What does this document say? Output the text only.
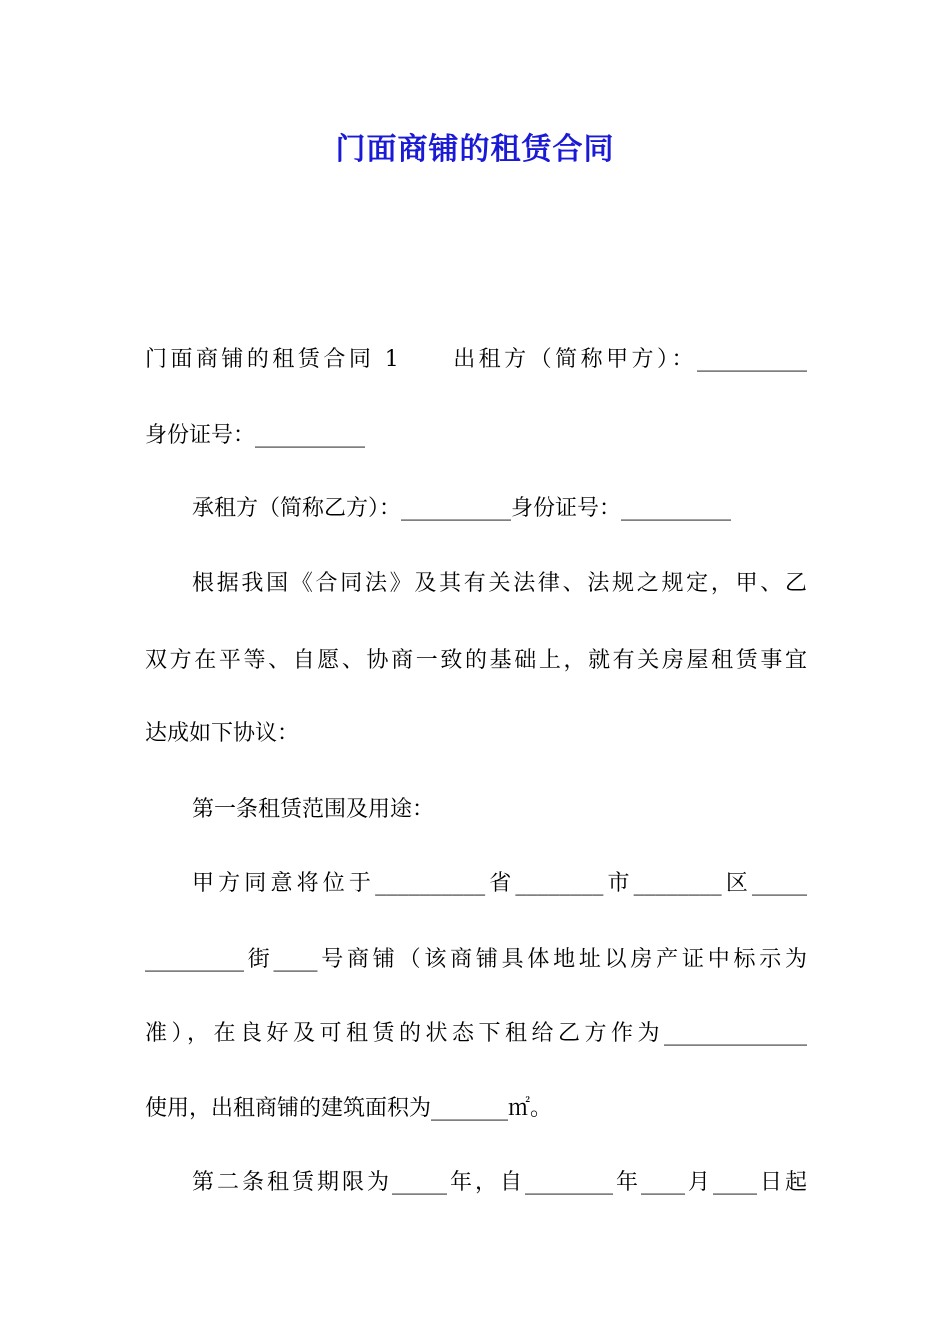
门面商铺的租赁合同

门面商铺的租赁合同 1　　出租方（简称甲方）：__________

身份证号：__________

承租方（简称乙方）：__________身份证号：__________

根据我国《合同法》及其有关法律、法规之规定，甲、乙

双方在平等、自愿、协商一致的基础上，就有关房屋租赁事宜

达成如下协议：

第一条租赁范围及用途：

甲方同意将位于__________省________市________区_____

_________街____号商铺（该商铺具体地址以房产证中标示为

准），在良好及可租赁的状态下租给乙方作为_____________

使用，出租商铺的建筑面积为_______㎡。

第二条租赁期限为_____年，自________年____月____日起
